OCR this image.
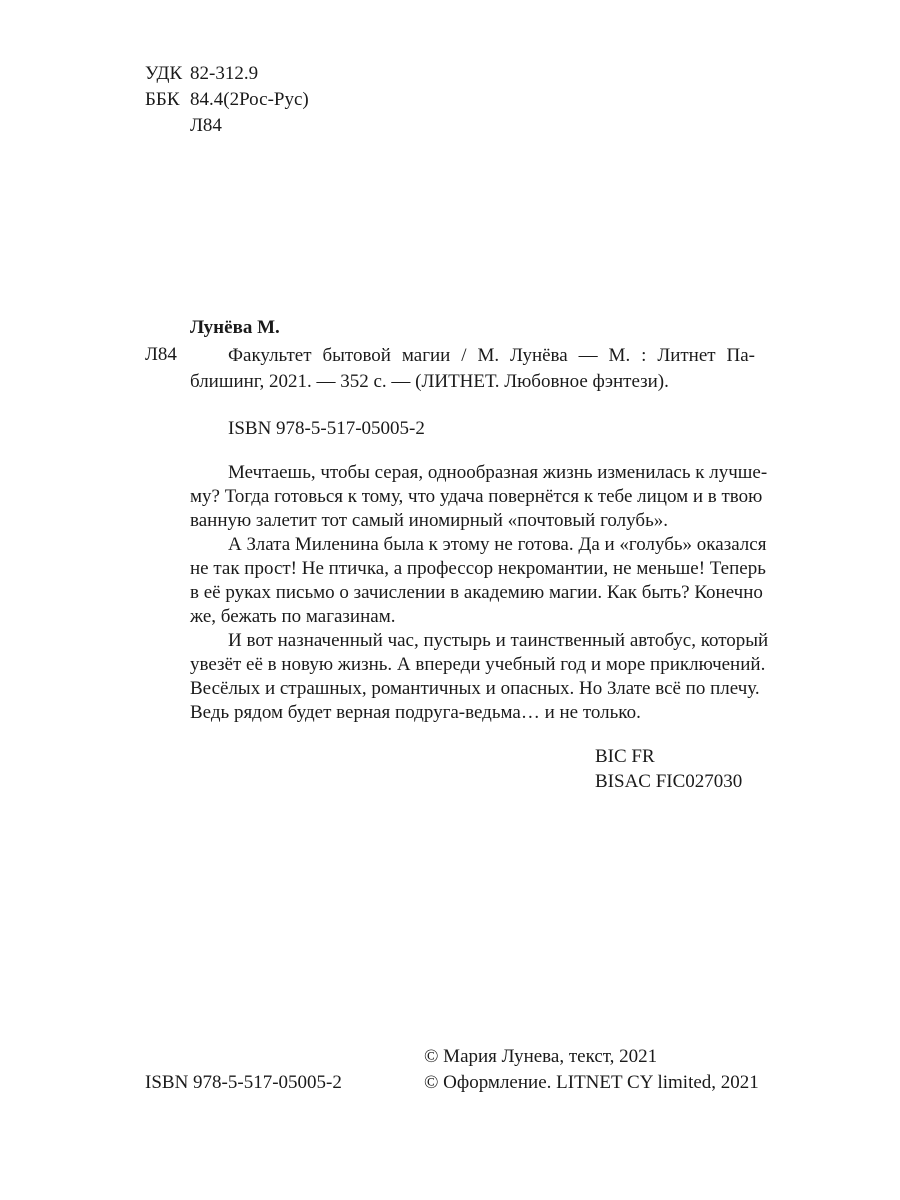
УДК 82-312.9
ББК 84.4(2Рос-Рус)
Л84
Лунёва М.
Л84	Факультет бытовой магии / М. Лунёва — М. : Литнет Па-
блишинг, 2021. — 352 с. — (ЛИТНЕТ. Любовное фэнтези).
ISBN 978-5-517-05005-2
Мечтаешь, чтобы серая, однообразная жизнь изменилась к лучше-
му? Тогда готовься к тому, что удача повернётся к тебе лицом и в твою
ванную залетит тот самый иномирный «почтовый голубь».
А Злата Миленина была к этому не готова. Да и «голубь» оказался
не так прост! Не птичка, а профессор некромантии, не меньше! Теперь
в её руках письмо о зачислении в академию магии. Как быть? Конечно
же, бежать по магазинам.
И вот назначенный час, пустырь и таинственный автобус, который
увезёт её в новую жизнь. А впереди учебный год и море приключений.
Весёлых и страшных, романтичных и опасных. Но Злате всё по плечу.
Ведь рядом будет верная подруга-ведьма… и не только.
BIC FR
BISAC FIC027030
ISBN 978-5-517-05005-2
© Мария Лунева, текст, 2021
© Оформление. LITNET CY limited, 2021
